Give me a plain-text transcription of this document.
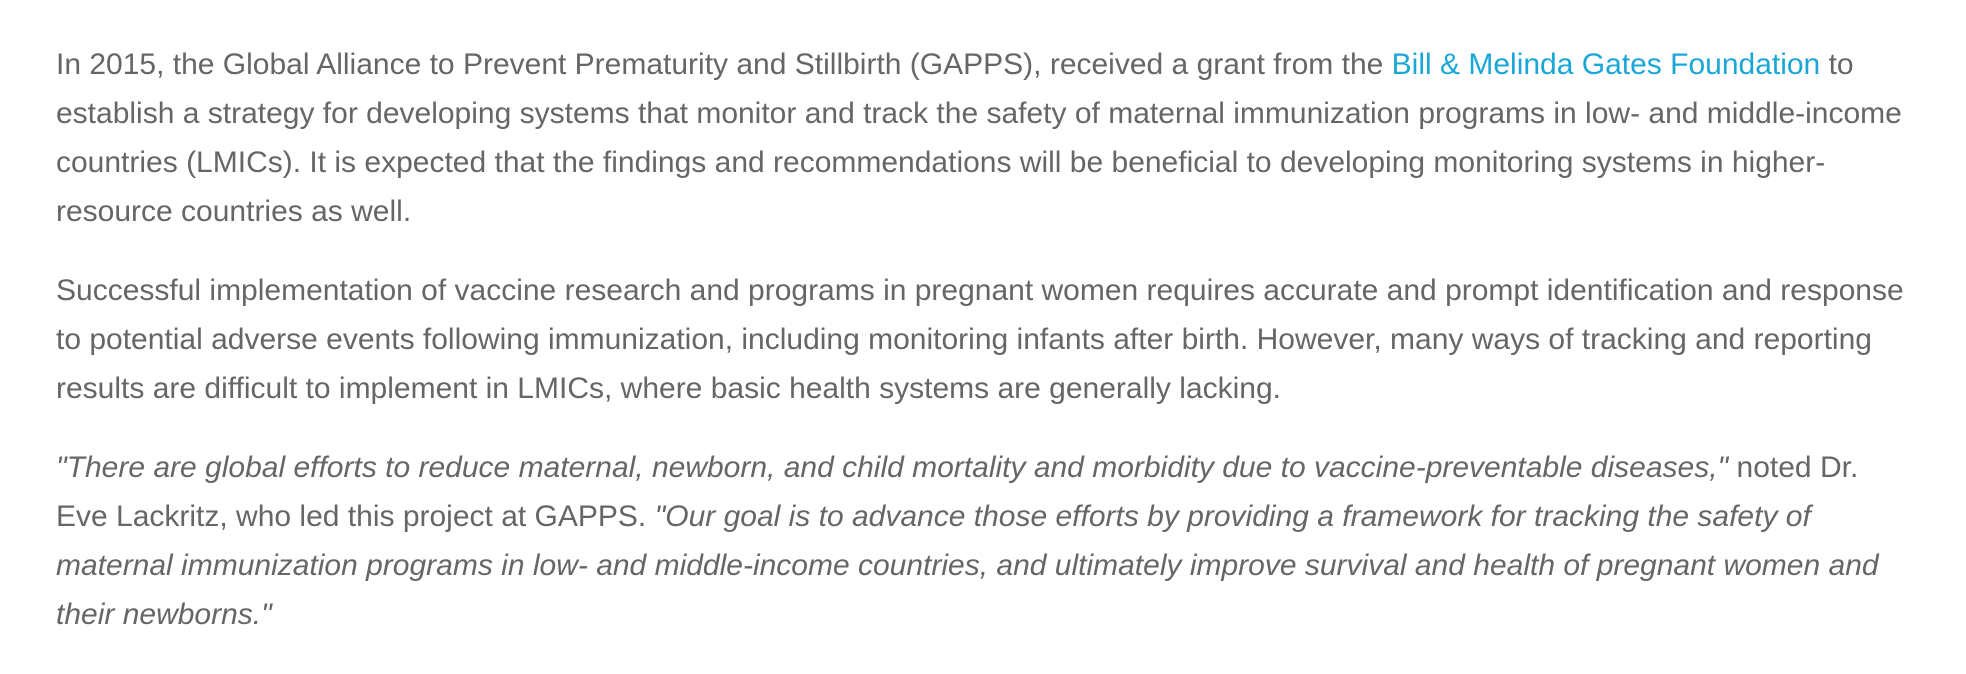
In 2015, the Global Alliance to Prevent Prematurity and Stillbirth (GAPPS), received a grant from the Bill & Melinda Gates Foundation to establish a strategy for developing systems that monitor and track the safety of maternal immunization programs in low- and middle-income countries (LMICs). It is expected that the findings and recommendations will be beneficial to developing monitoring systems in higher-resource countries as well.

Successful implementation of vaccine research and programs in pregnant women requires accurate and prompt identification and response to potential adverse events following immunization, including monitoring infants after birth. However, many ways of tracking and reporting results are difficult to implement in LMICs, where basic health systems are generally lacking.

"There are global efforts to reduce maternal, newborn, and child mortality and morbidity due to vaccine-preventable diseases," noted Dr. Eve Lackritz, who led this project at GAPPS. "Our goal is to advance those efforts by providing a framework for tracking the safety of maternal immunization programs in low- and middle-income countries, and ultimately improve survival and health of pregnant women and their newborns."
